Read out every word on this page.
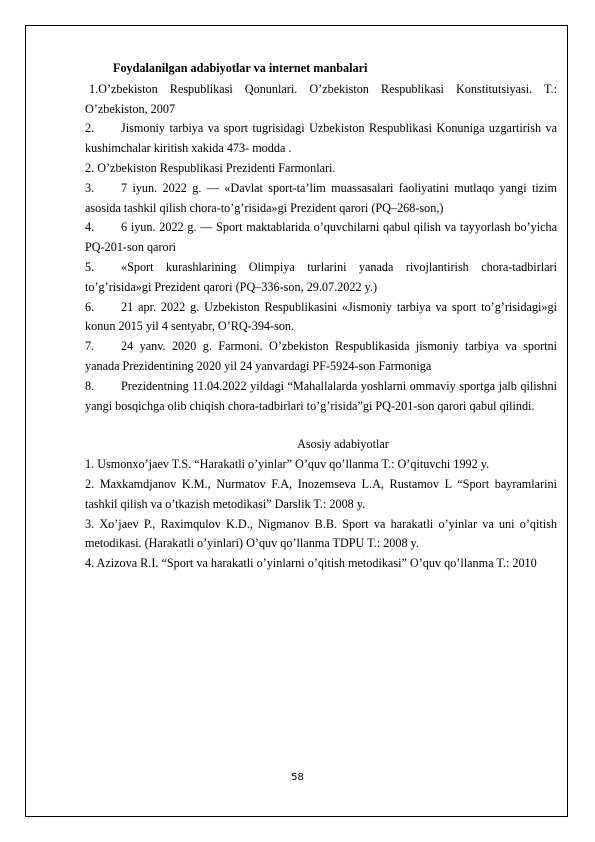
Foydalanilgan adabiyotlar va internet manbalari

1.O’zbekiston Respublikasi Qonunlari. O’zbekiston Respublikasi Konstitutsiyasi. T.: O’zbekiston, 2007

2. Jismoniy tarbiya va sport tugrisidagi Uzbekiston Respublikasi Konuniga uzgartirish va kushimchalar kiritish xakida 473- modda .

2. O’zbekiston Respublikasi Prezidenti Farmonlari.

3. 7 iyun. 2022 g. — «Davlat sport-ta’lim muassasalari faoliyatini mutlaqo yangi tizim asosida tashkil qilish chora-to’g’risida»gi Prezident qarori (PQ–268-son,)

4. 6 iyun. 2022 g. — Sport maktablarida o’quvchilarni qabul qilish va tayyorlash bo’yicha PQ-201-son qarori

5. «Sport kurashlarining Olimpiya turlarini yanada rivojlantirish chora-tadbirlari to’g’risida»gi Prezident qarori (PQ–336-son, 29.07.2022 y.)

6. 21 apr. 2022 g. Uzbekiston Respublikasini «Jismoniy tarbiya va sport to’g’risidagi»gi konun 2015 yil 4 sentyabr, O’RQ-394-son.

7. 24 yanv. 2020 g. Farmoni. O’zbekiston Respublikasida jismoniy tarbiya va sportni yanada Prezidentining 2020 yil 24 yanvardagi PF-5924-son Farmoniga

8. Prezidentning 11.04.2022 yildagi “Mahallalarda yoshlarni ommaviy sportga jalb qilishni yangi bosqichga olib chiqish chora-tadbirlari to’g’risida”gi PQ-201-son qarori qabul qilindi.

Asosiy adabiyotlar

1. Usmonxo’jaev T.S. “Harakatli o’yinlar” O’quv qo’llanma T.: O’qituvchi 1992 y.

2. Maxkamdjanov K.M., Nurmatov F.A, Inozemseva L.A, Rustamov L “Sport bayramlarini tashkil qilish va o’tkazish metodikasi” Darslik T.: 2008 y.

3. Xo’jaev P., Raximqulov K.D., Nigmanov B.B. Sport va harakatli o’yinlar va uni o’qitish metodikasi. (Harakatli o’yinlari) O’quv qo’llanma TDPU T.: 2008 y.

4. Azizova R.I. “Sport va harakatli o’yinlarni o’qitish metodikasi” O’quv qo’llanma T.: 2010

58
